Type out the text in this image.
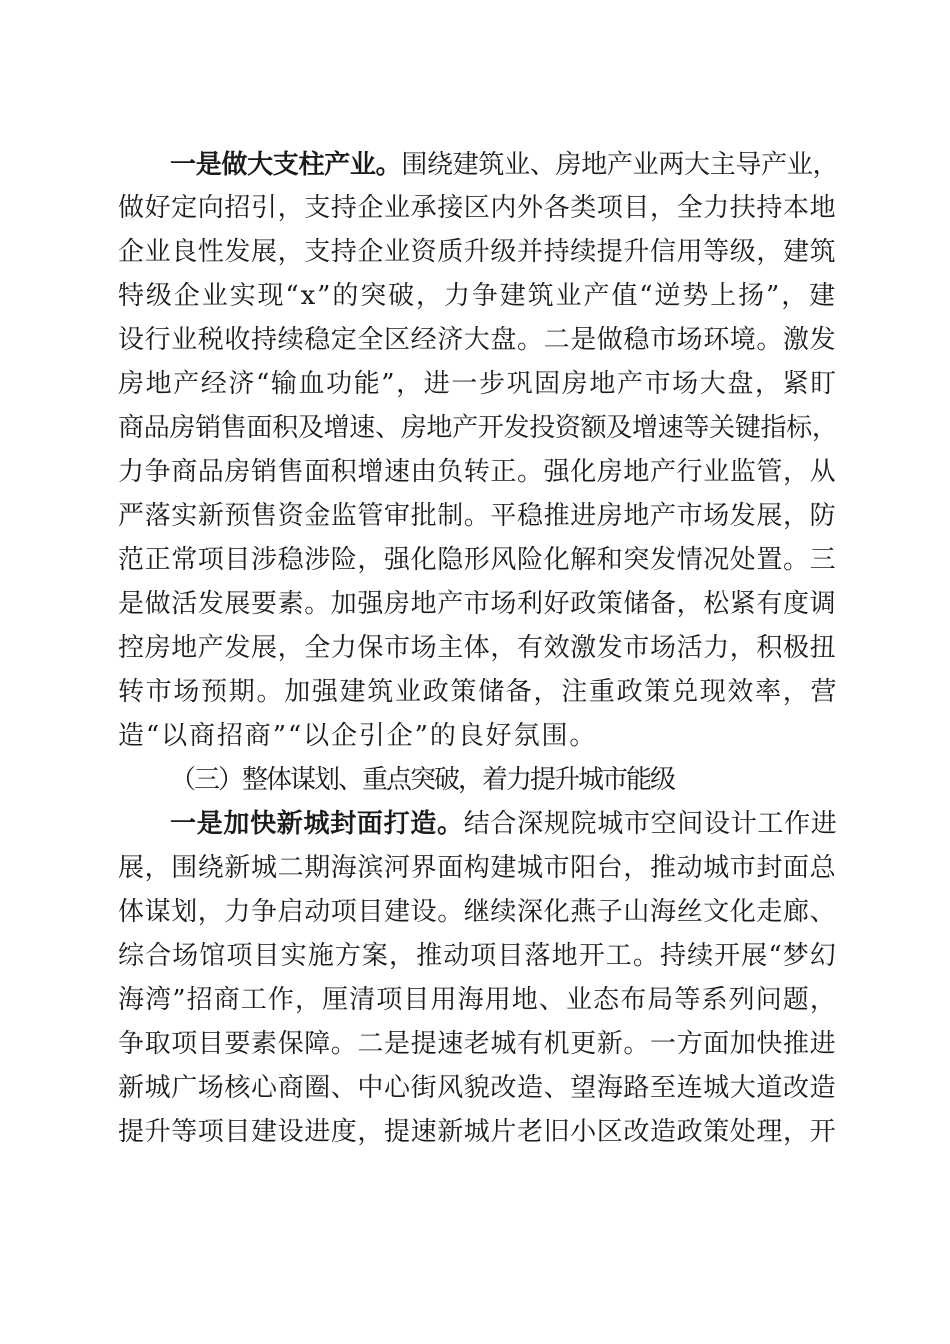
一是做大支柱产业。围绕建筑业、房地产业两大主导产业，
做好定向招引，支持企业承接区内外各类项目，全力扶持本地
企业良性发展，支持企业资质升级并持续提升信用等级，建筑
特级企业实现“x”的突破，力争建筑业产值“逆势上扬”，建
设行业税收持续稳定全区经济大盘。二是做稳市场环境。激发
房地产经济“输血功能”，进一步巩固房地产市场大盘，紧盯
商品房销售面积及增速、房地产开发投资额及增速等关键指标，
力争商品房销售面积增速由负转正。强化房地产行业监管，从
严落实新预售资金监管审批制。平稳推进房地产市场发展，防
范正常项目涉稳涉险，强化隐形风险化解和突发情况处置。三
是做活发展要素。加强房地产市场利好政策储备，松紧有度调
控房地产发展，全力保市场主体，有效激发市场活力，积极扭
转市场预期。加强建筑业政策储备，注重政策兑现效率，营
造“以商招商”“以企引企”的良好氛围。
（三）整体谋划、重点突破，着力提升城市能级
一是加快新城封面打造。结合深规院城市空间设计工作进
展，围绕新城二期海滨河界面构建城市阳台，推动城市封面总
体谋划，力争启动项目建设。继续深化燕子山海丝文化走廊、
综合场馆项目实施方案，推动项目落地开工。持续开展“梦幻
海湾”招商工作，厘清项目用海用地、业态布局等系列问题，
争取项目要素保障。二是提速老城有机更新。一方面加快推进
新城广场核心商圈、中心街风貌改造、望海路至连城大道改造
提升等项目建设进度，提速新城片老旧小区改造政策处理，开
